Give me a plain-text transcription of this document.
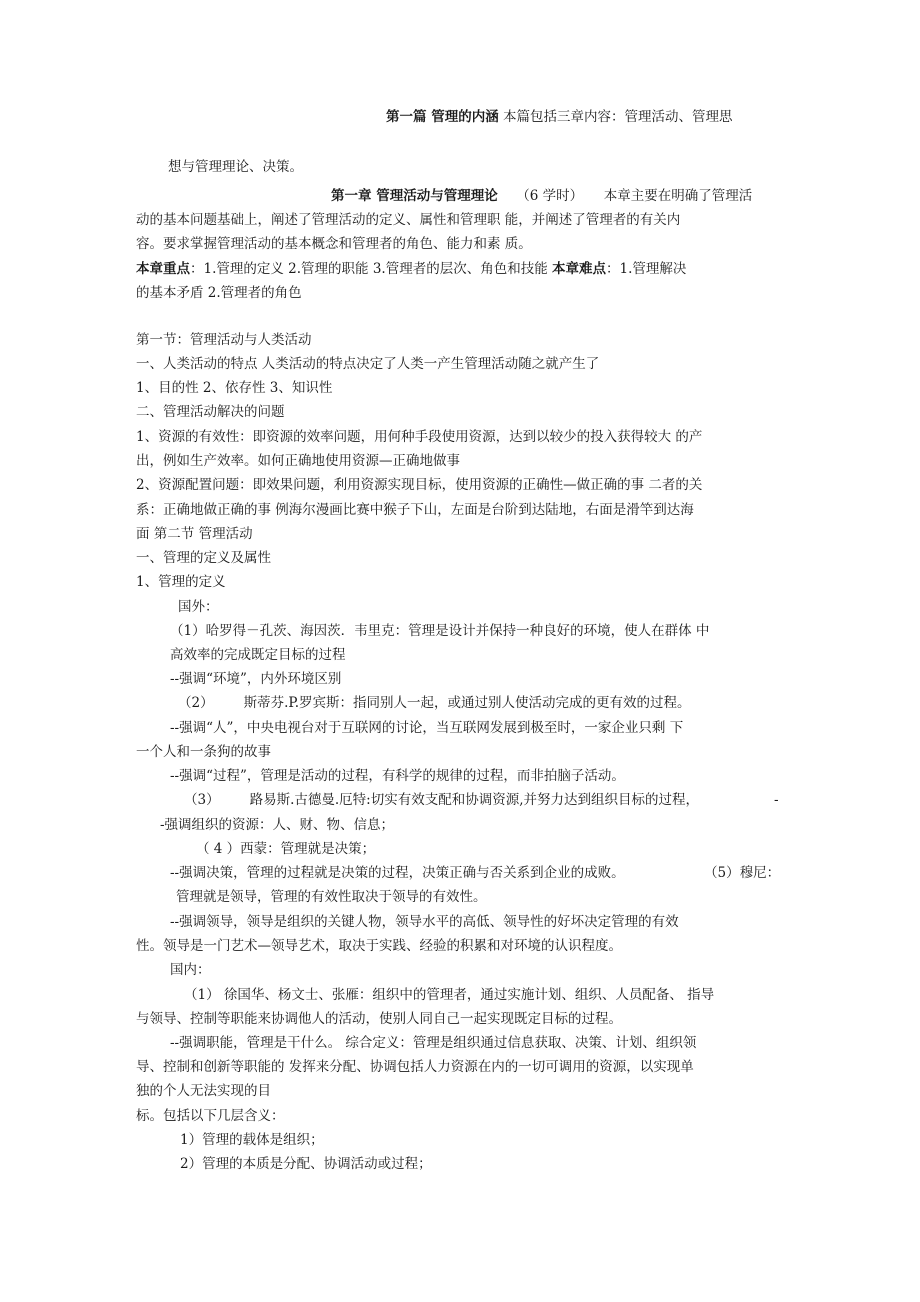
第一篇 管理的内涵 本篇包括三章内容：管理活动、管理思
想与管理理论、决策。
第一章 管理活动与管理理论 （6 学时） 本章主要在明确了管理活
动的基本问题基础上，阐述了管理活动的定义、属性和管理职 能，并阐述了管理者的有关内
容。要求掌握管理活动的基本概念和管理者的角色、能力和素 质。
本章重点：1.管理的定义 2.管理的职能 3.管理者的层次、角色和技能 本章难点：1.管理解决
的基本矛盾 2.管理者的角色
第一节：管理活动与人类活动
一、人类活动的特点 人类活动的特点决定了人类一产生管理活动随之就产生了
1、目的性 2、依存性 3、知识性
二、管理活动解决的问题
1、资源的有效性：即资源的效率问题，用何种手段使用资源，达到以较少的投入获得较大 的产
出，例如生产效率。如何正确地使用资源—正确地做事
2、资源配置问题：即效果问题，利用资源实现目标，使用资源的正确性—做正确的事 二者的关
系：正确地做正确的事 例海尔漫画比赛中猴子下山，左面是台阶到达陆地，右面是滑竿到达海
面 第二节 管理活动
一、管理的定义及属性
1、管理的定义
国外：
（1）哈罗得－孔茨、海因茨．韦里克：管理是设计并保持一种良好的环境，使人在群体 中
高效率的完成既定目标的过程
--强调“环境”，内外环境区别
（2） 斯蒂芬.P.罗宾斯：指同别人一起，或通过别人使活动完成的更有效的过程。
--强调“人”，中央电视台对于互联网的讨论，当互联网发展到极至时，一家企业只剩 下
一个人和一条狗的故事
--强调“过程”，管理是活动的过程，有科学的规律的过程，而非拍脑子活动。
（3） 路易斯.古德曼.厄特:切实有效支配和协调资源,并努力达到组织目标的过程，	-
-强调组织的资源：人、财、物、信息；
（ 4 ）西蒙：管理就是决策；
--强调决策，管理的过程就是决策的过程，决策正确与否关系到企业的成败。	（5）穆尼：
管理就是领导，管理的有效性取决于领导的有效性。
--强调领导，领导是组织的关键人物，领导水平的高低、领导性的好坏决定管理的有效
性。领导是一门艺术—领导艺术，取决于实践、经验的积累和对环境的认识程度。
国内：
（1） 徐国华、杨文士、张雁：组织中的管理者，通过实施计划、组织、人员配备、 指导
与领导、控制等职能来协调他人的活动，使别人同自己一起实现既定目标的过程。
--强调职能，管理是干什么。 综合定义：管理是组织通过信息获取、决策、计划、组织领
导、控制和创新等职能的 发挥来分配、协调包括人力资源在内的一切可调用的资源，以实现单
独的个人无法实现的目
标。包括以下几层含义：
1）管理的载体是组织；
2）管理的本质是分配、协调活动或过程；
